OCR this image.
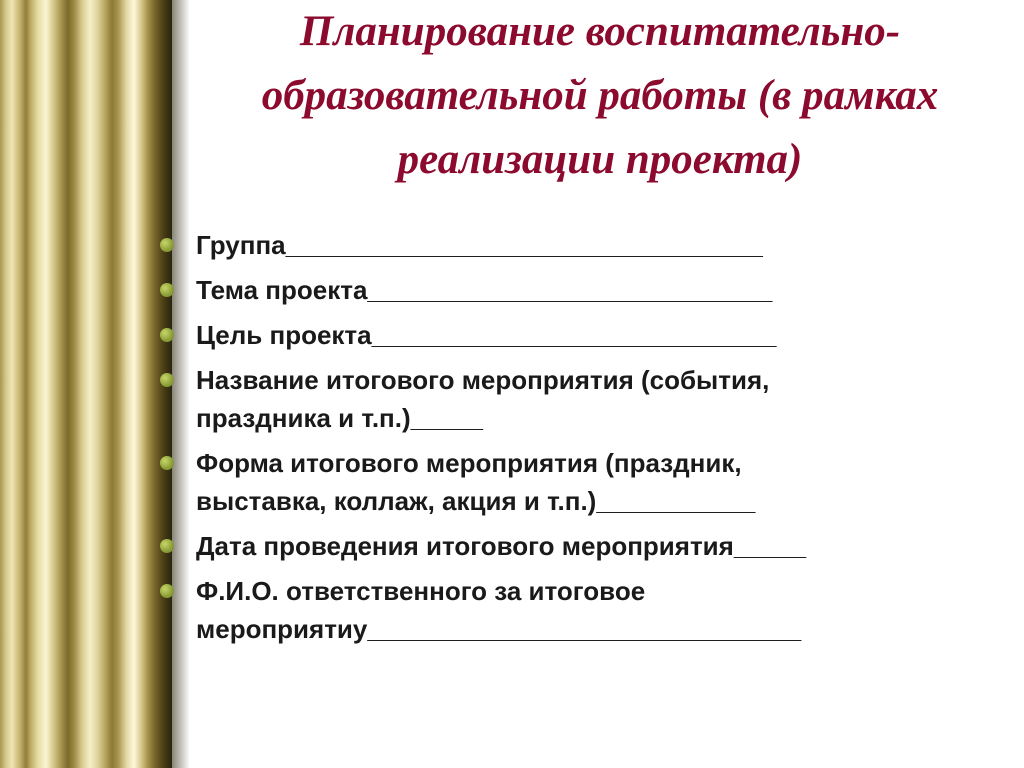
Планирование воспитательно-
образовательной работы (в рамках
реализации проекта)
Группа_________________________________
Тема проекта____________________________
Цель проекта____________________________
Название итогового мероприятия (события,
праздника и т.п.)_____
Форма итогового мероприятия (праздник,
выставка, коллаж, акция и т.п.)___________
Дата проведения итогового мероприятия_____
Ф.И.О. ответственного за итоговое
мероприятиу______________________________
